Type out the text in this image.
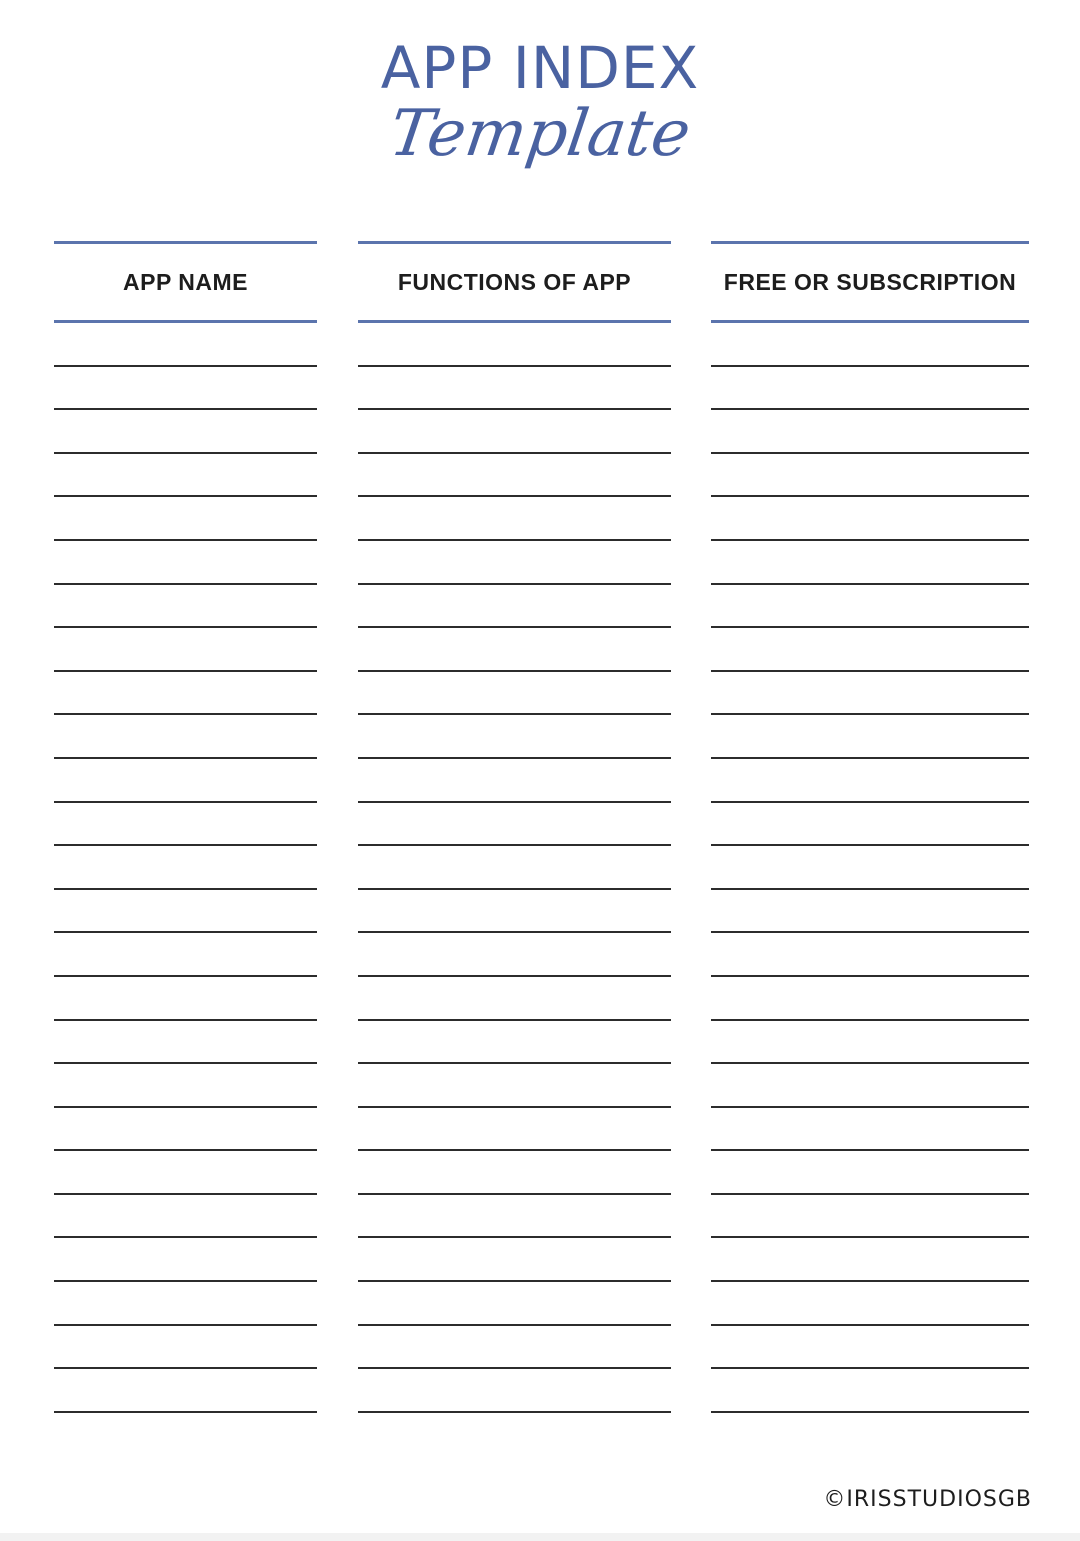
APP INDEX
Template
APP NAME	FUNCTIONS OF APP	FREE OR SUBSCRIPTION
©IRISSTUDIOSGB
